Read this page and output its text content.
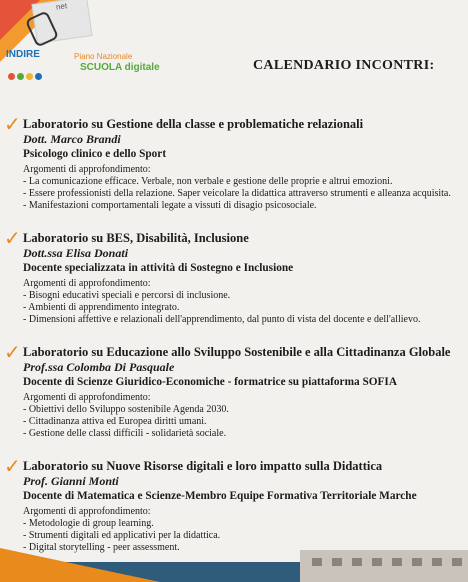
net
INDIRE	Piano Nazionale
SCUOLA digitale	CALENDARIO INCONTRI:
✓ Laboratorio su Gestione della classe e problematiche relazionali
Dott. Marco Brandi
Psicologo clinico e dello Sport
Argomenti di approfondimento:
- La comunicazione efficace. Verbale, non verbale e gestione delle proprie e altrui emozioni.
- Essere professionisti della relazione. Saper veicolare la didattica attraverso strumenti e alleanza acquisita.
- Manifestazioni comportamentali legate a vissuti di disagio psicosociale.
✓ Laboratorio su BES, Disabilità, Inclusione
Dott.ssa Elisa Donati
Docente specializzata in attività di Sostegno e Inclusione
Argomenti di approfondimento:
- Bisogni educativi speciali e percorsi di inclusione.
- Ambienti di apprendimento integrato.
- Dimensioni affettive e relazionali dell'apprendimento, dal punto di vista del docente e dell'allievo.
✓ Laboratorio su Educazione allo Sviluppo Sostenibile e alla Cittadinanza Globale
Prof.ssa Colomba Di Pasquale
Docente di Scienze Giuridico-Economiche - formatrice su piattaforma SOFIA
Argomenti di approfondimento:
- Obiettivi dello Sviluppo sostenibile Agenda 2030.
- Cittadinanza attiva ed Europea diritti umani.
- Gestione delle classi difficili - solidarietà sociale.
✓ Laboratorio su Nuove Risorse digitali e loro impatto sulla Didattica
Prof. Gianni Monti
Docente di Matematica e Scienze-Membro Equipe Formativa Territoriale Marche
Argomenti di approfondimento:
- Metodologie di group learning.
- Strumenti digitali ed applicativi per la didattica.
- Digital storytelling - peer assessment.
